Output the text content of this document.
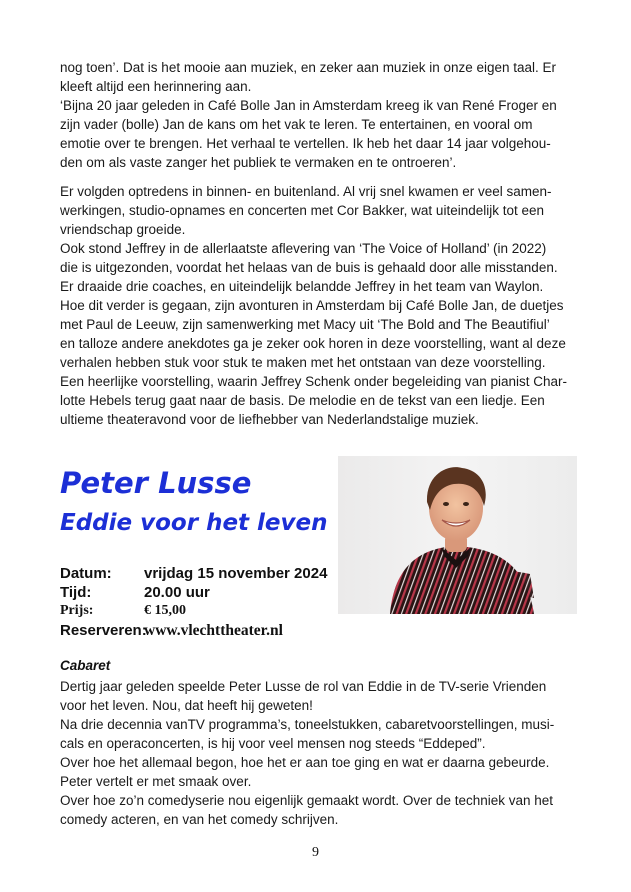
nog toen’. Dat is het mooie aan muziek, en zeker aan muziek in onze eigen taal. Er
kleeft altijd een herinnering aan.
‘Bijna 20 jaar geleden in Café Bolle Jan in Amsterdam kreeg ik van René Froger en
zijn vader (bolle) Jan de kans om het vak te leren. Te entertainen, en vooral om
emotie over te brengen. Het verhaal te vertellen. Ik heb het daar 14 jaar volgehou-
den om als vaste zanger het publiek te vermaken en te ontroeren’.

Er volgden optredens in binnen- en buitenland. Al vrij snel kwamen er veel samen-
werkingen, studio-opnames en concerten met Cor Bakker, wat uiteindelijk tot een
vriendschap groeide.
Ook stond Jeffrey in de allerlaatste aflevering van ‘The Voice of Holland’ (in 2022)
die is uitgezonden, voordat het helaas van de buis is gehaald door alle misstanden.
Er draaide drie coaches, en uiteindelijk belandde Jeffrey in het team van Waylon.
Hoe dit verder is gegaan, zijn avonturen in Amsterdam bij Café Bolle Jan, de duetjes
met Paul de Leeuw, zijn samenwerking met Macy uit ‘The Bold and The Beautifiul’
en talloze andere anekdotes ga je zeker ook horen in deze voorstelling, want al deze
verhalen hebben stuk voor stuk te maken met het ontstaan van deze voorstelling.
Een heerlijke voorstelling, waarin Jeffrey Schenk onder begeleiding van pianist Char-
lotte Hebels terug gaat naar de basis. De melodie en de tekst van een liedje. Een
ultieme theateravond voor de liefhebber van Nederlandstalige muziek.

Peter Lusse
Eddie voor het leven
Datum: vrijdag 15 november 2024
Tijd:	20.00 uur
Prijs:	€ 15,00
Reserveren:
www.vlechttheater.nl

Cabaret

Dertig jaar geleden speelde Peter Lusse de rol van Eddie in de TV-serie Vrienden
voor het leven. Nou, dat heeft hij geweten!
Na drie decennia vanTV programma’s, toneelstukken, cabaretvoorstellingen, musi-
cals en operaconcerten, is hij voor veel mensen nog steeds “Eddeped”.
Over hoe het allemaal begon, hoe het er aan toe ging en wat er daarna gebeurde.
Peter vertelt er met smaak over.
Over hoe zo’n comedyserie nou eigenlijk gemaakt wordt. Over de techniek van het
comedy acteren, en van het comedy schrijven.

9
